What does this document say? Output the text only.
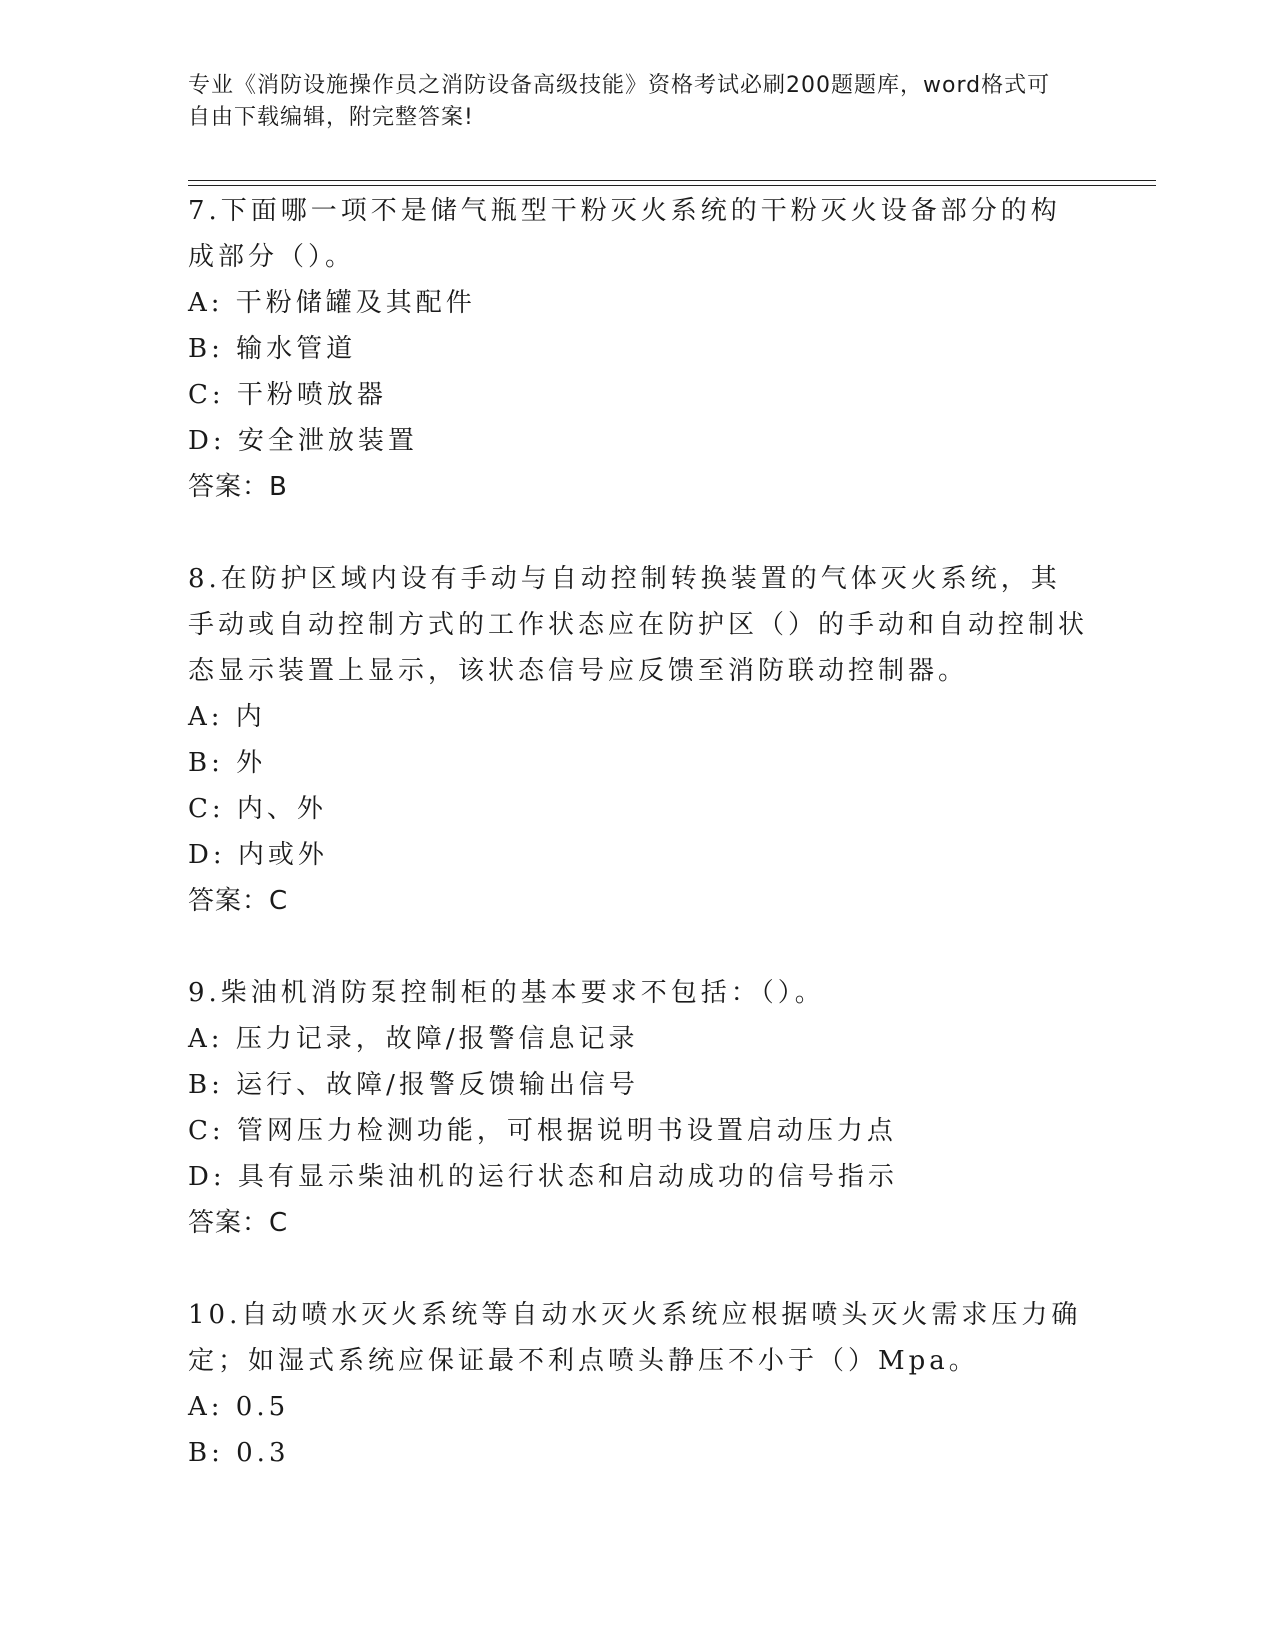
专业《消防设施操作员之消防设备高级技能》资格考试必刷200题题库，word格式可自由下载编辑，附完整答案!

7.下面哪一项不是储气瓶型干粉灭火系统的干粉灭火设备部分的构成部分（）。

A: 干粉储罐及其配件

B: 输水管道

C: 干粉喷放器

D: 安全泄放装置

答案：B

8.在防护区域内设有手动与自动控制转换装置的气体灭火系统，其手动或自动控制方式的工作状态应在防护区（）的手动和自动控制状态显示装置上显示，该状态信号应反馈至消防联动控制器。

A: 内

B: 外

C: 内、外

D: 内或外

答案：C

9.柴油机消防泵控制柜的基本要求不包括：（）。

A: 压力记录，故障/报警信息记录

B: 运行、故障/报警反馈输出信号

C: 管网压力检测功能，可根据说明书设置启动压力点

D: 具有显示柴油机的运行状态和启动成功的信号指示

答案：C

10.自动喷水灭火系统等自动水灭火系统应根据喷头灭火需求压力确定；如湿式系统应保证最不利点喷头静压不小于（）Mpa。

A: 0.5

B: 0.3
